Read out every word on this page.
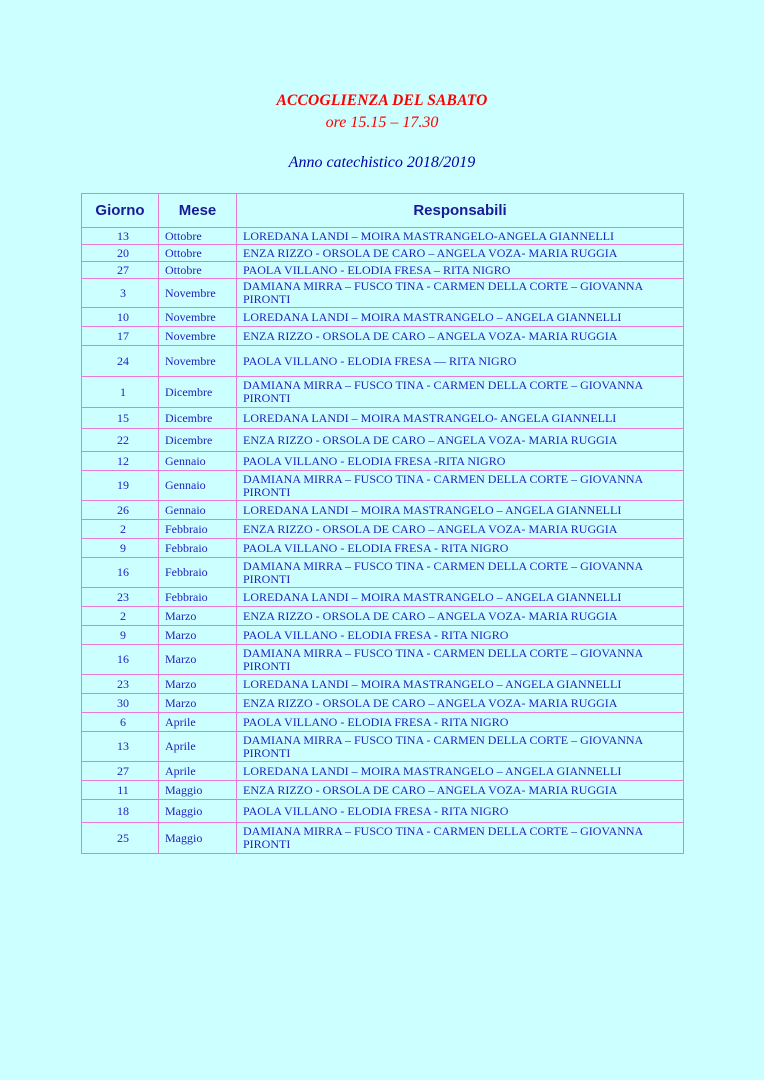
ACCOGLIENZA DEL SABATO
ore 15.15 – 17.30
Anno catechistico 2018/2019
Giorno	Mese	Responsabili
13	Ottobre	LOREDANA LANDI – MOIRA MASTRANGELO-ANGELA GIANNELLI
20	Ottobre	ENZA RIZZO - ORSOLA DE CARO – ANGELA VOZA- MARIA RUGGIA
27	Ottobre	PAOLA VILLANO - ELODIA FRESA – RITA NIGRO
3	Novembre	DAMIANA MIRRA – FUSCO TINA - CARMEN DELLA CORTE – GIOVANNA PIRONTI
10	Novembre	LOREDANA LANDI – MOIRA MASTRANGELO – ANGELA GIANNELLI
17	Novembre	ENZA RIZZO - ORSOLA DE CARO – ANGELA VOZA- MARIA RUGGIA
24	Novembre	PAOLA VILLANO - ELODIA FRESA — RITA NIGRO
1	Dicembre	DAMIANA MIRRA – FUSCO TINA - CARMEN DELLA CORTE – GIOVANNA PIRONTI
15	Dicembre	LOREDANA LANDI – MOIRA MASTRANGELO- ANGELA GIANNELLI
22	Dicembre	ENZA RIZZO - ORSOLA DE CARO – ANGELA VOZA- MARIA RUGGIA
12	Gennaio	PAOLA VILLANO - ELODIA FRESA -RITA NIGRO
19	Gennaio	DAMIANA MIRRA – FUSCO TINA - CARMEN DELLA CORTE – GIOVANNA PIRONTI
26	Gennaio	LOREDANA LANDI – MOIRA MASTRANGELO – ANGELA GIANNELLI
2	Febbraio	ENZA RIZZO - ORSOLA DE CARO – ANGELA VOZA- MARIA RUGGIA
9	Febbraio	PAOLA VILLANO - ELODIA FRESA - RITA NIGRO
16	Febbraio	DAMIANA MIRRA – FUSCO TINA - CARMEN DELLA CORTE – GIOVANNA PIRONTI
23	Febbraio	LOREDANA LANDI – MOIRA MASTRANGELO – ANGELA GIANNELLI
2	Marzo	ENZA RIZZO - ORSOLA DE CARO – ANGELA VOZA- MARIA RUGGIA
9	Marzo	PAOLA VILLANO - ELODIA FRESA - RITA NIGRO
16	Marzo	DAMIANA MIRRA – FUSCO TINA - CARMEN DELLA CORTE – GIOVANNA PIRONTI
23	Marzo	LOREDANA LANDI – MOIRA MASTRANGELO – ANGELA GIANNELLI
30	Marzo	ENZA RIZZO - ORSOLA DE CARO – ANGELA VOZA- MARIA RUGGIA
6	Aprile	PAOLA VILLANO - ELODIA FRESA - RITA NIGRO
13	Aprile	DAMIANA MIRRA – FUSCO TINA - CARMEN DELLA CORTE – GIOVANNA PIRONTI
27	Aprile	LOREDANA LANDI – MOIRA MASTRANGELO – ANGELA GIANNELLI
11	Maggio	ENZA RIZZO - ORSOLA DE CARO – ANGELA VOZA- MARIA RUGGIA
18	Maggio	PAOLA VILLANO - ELODIA FRESA - RITA NIGRO
25	Maggio	DAMIANA MIRRA – FUSCO TINA - CARMEN DELLA CORTE – GIOVANNA PIRONTI
